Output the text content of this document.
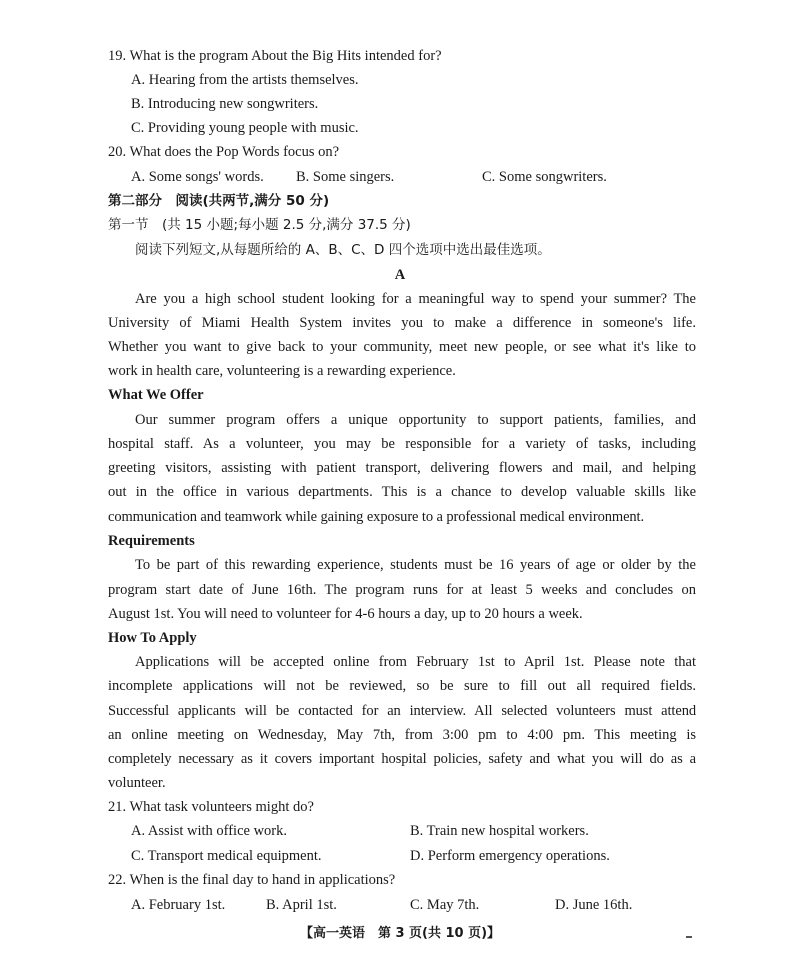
19. What is the program About the Big Hits intended for?
A. Hearing from the artists themselves.
B. Introducing new songwriters.
C. Providing young people with music.
20. What does the Pop Words focus on?
A. Some songs' words. B. Some singers.	C. Some songwriters.
第二部分　阅读(共两节,满分 50 分)
第一节　(共 15 小题;每小题 2.5 分,满分 37.5 分)
阅读下列短文,从每题所给的 A、B、C、D 四个选项中选出最佳选项。
A
Are you a high school student looking for a meaningful way to spend your summer? The
University of Miami Health System invites you to make a difference in someone's life.
Whether you want to give back to your community, meet new people, or see what it's like to
work in health care, volunteering is a rewarding experience.
What We Offer
Our summer program offers a unique opportunity to support patients, families, and
hospital staff. As a volunteer, you may be responsible for a variety of tasks, including
greeting visitors, assisting with patient transport, delivering flowers and mail, and helping
out in the office in various departments. This is a chance to develop valuable skills like
communication and teamwork while gaining exposure to a professional medical environment.
Requirements
To be part of this rewarding experience, students must be 16 years of age or older by the
program start date of June 16th. The program runs for at least 5 weeks and concludes on
August 1st. You will need to volunteer for 4-6 hours a day, up to 20 hours a week.
How To Apply
Applications will be accepted online from February 1st to April 1st. Please note that
incomplete applications will not be reviewed, so be sure to fill out all required fields.
Successful applicants will be contacted for an interview. All selected volunteers must attend
an online meeting on Wednesday, May 7th, from 3:00 pm to 4:00 pm. This meeting is
completely necessary as it covers important hospital policies, safety and what you will do as a
volunteer.
21. What task volunteers might do?
A. Assist with office work.	B. Train new hospital workers.
C. Transport medical equipment.	D. Perform emergency operations.
22. When is the final day to hand in applications?
A. February 1st.	B. April 1st.	C. May 7th.	D. June 16th.
【高一英语　第 3 页(共 10 页)】
